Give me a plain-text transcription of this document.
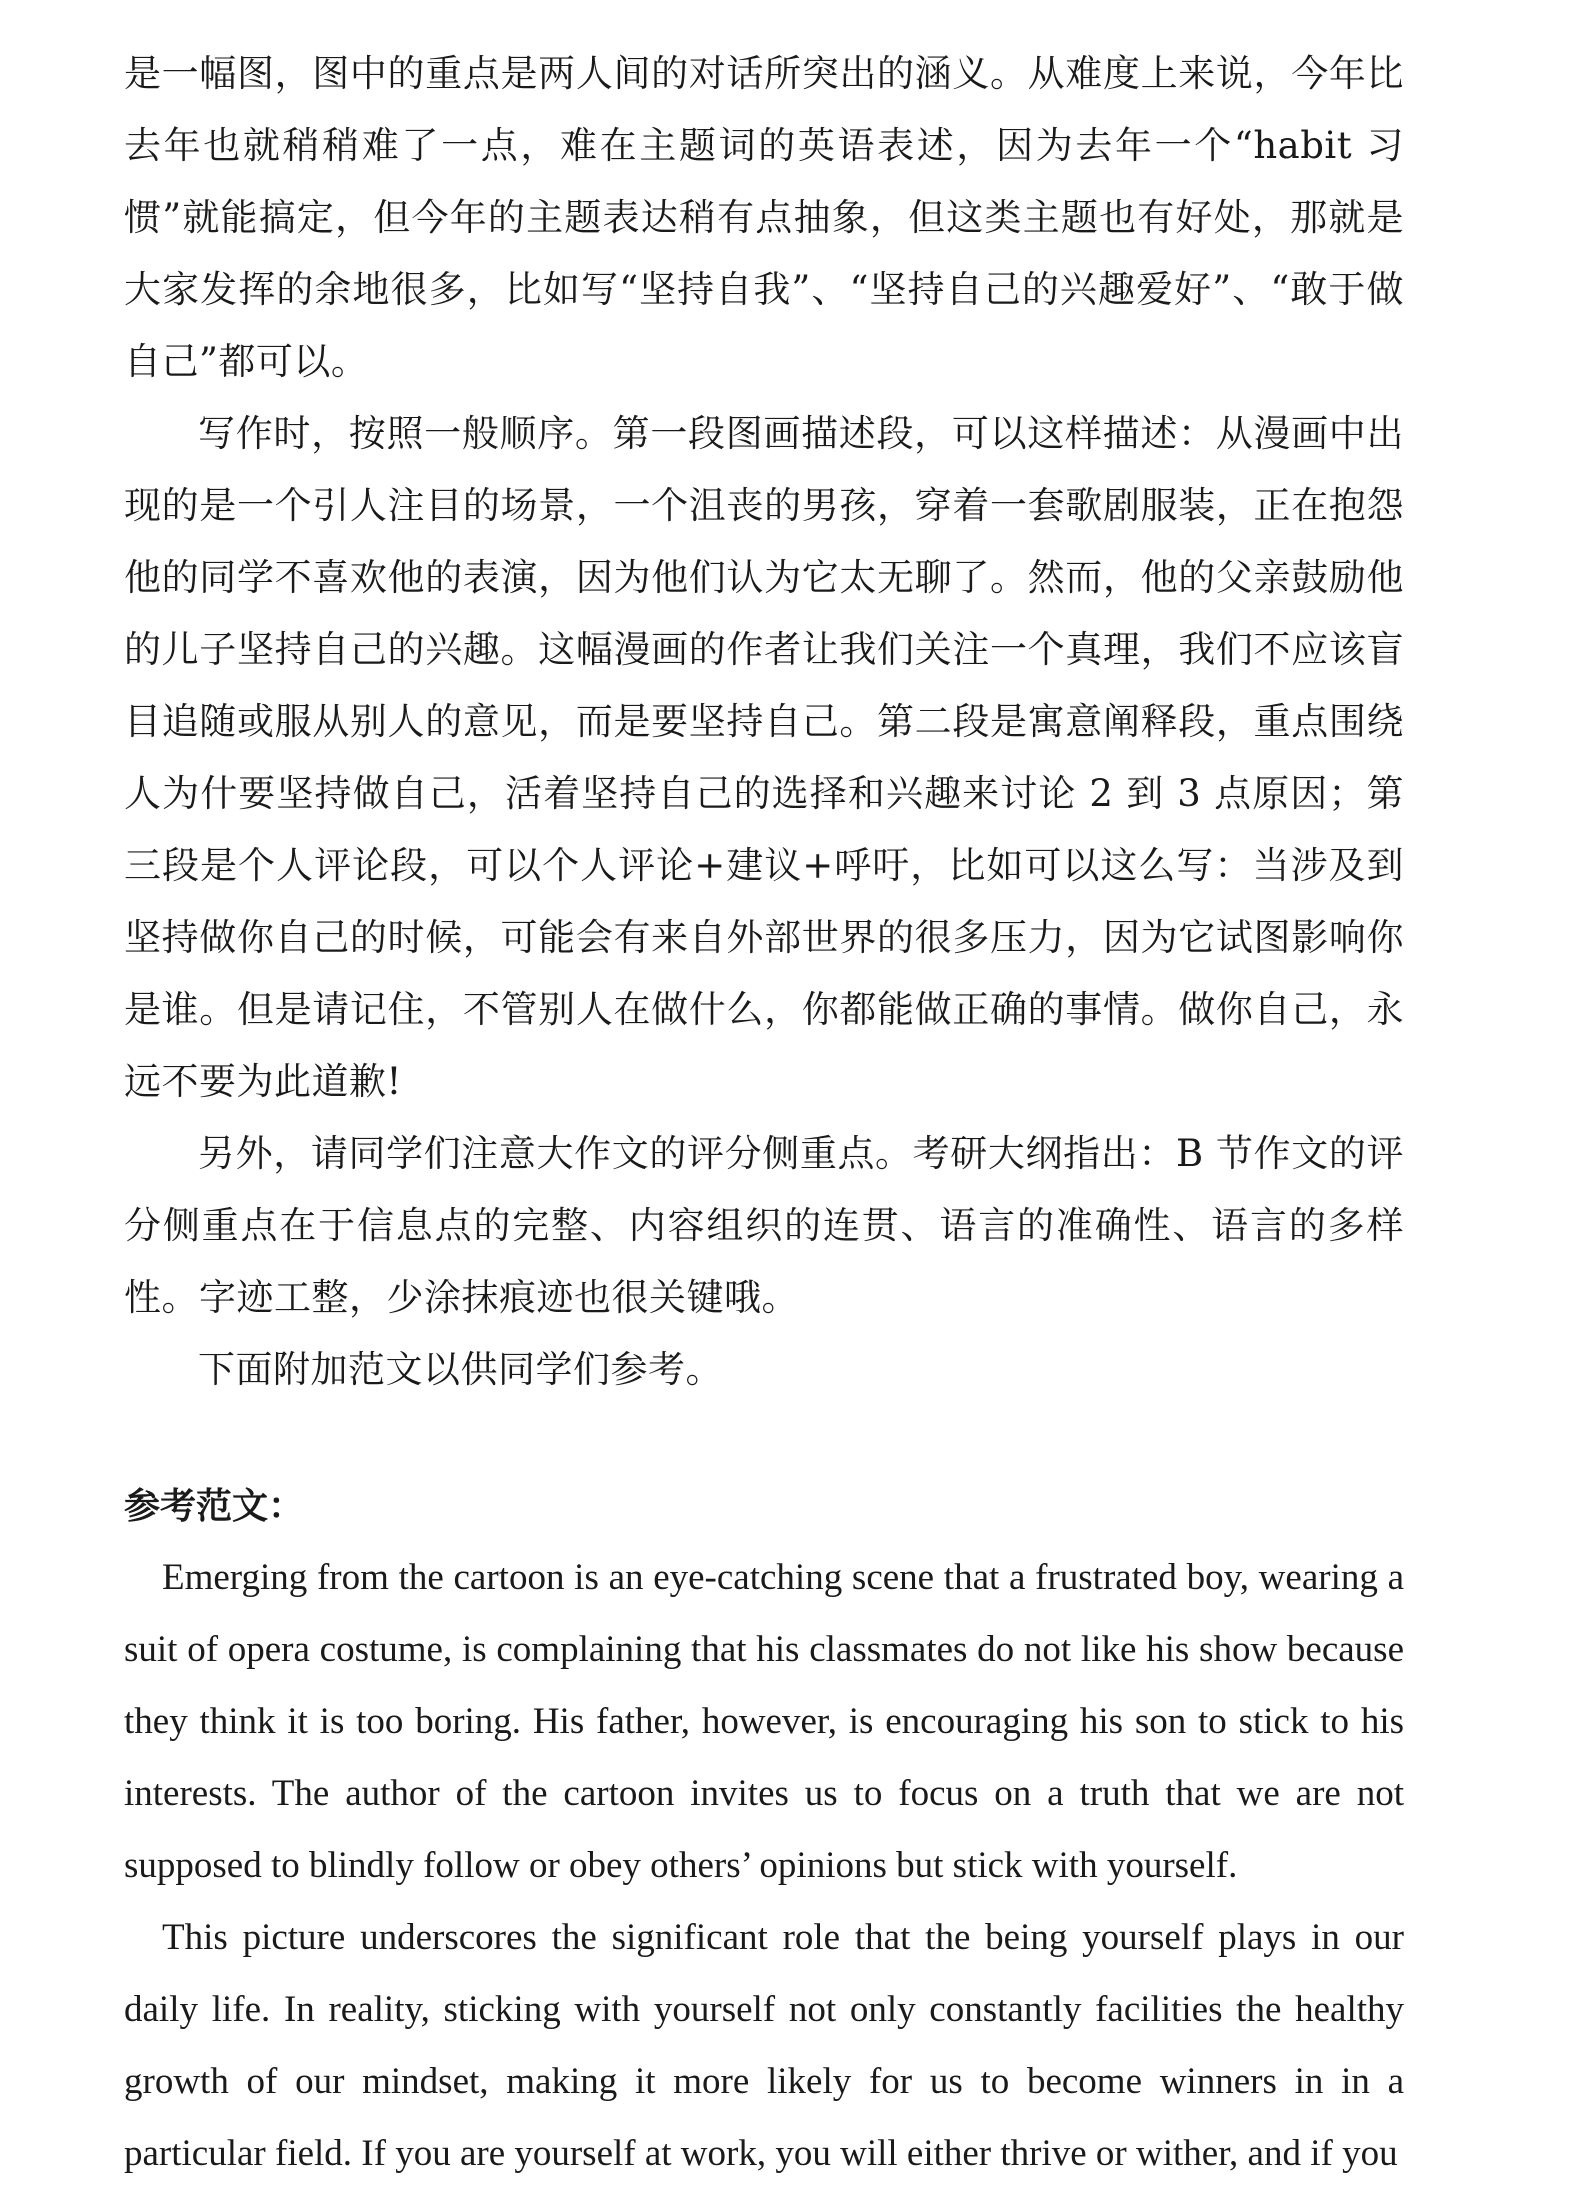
是一幅图，图中的重点是两人间的对话所突出的涵义。从难度上来说，今年比去年也就稍稍难了一点，难在主题词的英语表述，因为去年一个“habit 习惯”就能搞定，但今年的主题表达稍有点抽象，但这类主题也有好处，那就是大家发挥的余地很多，比如写“坚持自我”、“坚持自己的兴趣爱好”、“敢于做自己”都可以。

写作时，按照一般顺序。第一段图画描述段，可以这样描述：从漫画中出现的是一个引人注目的场景，一个沮丧的男孩，穿着一套歌剧服装，正在抱怨他的同学不喜欢他的表演，因为他们认为它太无聊了。然而，他的父亲鼓励他的儿子坚持自己的兴趣。这幅漫画的作者让我们关注一个真理，我们不应该盲目追随或服从别人的意见，而是要坚持自己。第二段是寓意阐释段，重点围绕人为什要坚持做自己，活着坚持自己的选择和兴趣来讨论 2 到 3 点原因；第三段是个人评论段，可以个人评论+建议+呼吁，比如可以这么写：当涉及到坚持做你自己的时候，可能会有来自外部世界的很多压力，因为它试图影响你是谁。但是请记住，不管别人在做什么，你都能做正确的事情。做你自己，永远不要为此道歉!

另外，请同学们注意大作文的评分侧重点。考研大纲指出：B 节作文的评分侧重点在于信息点的完整、内容组织的连贯、语言的准确性、语言的多样性。字迹工整，少涂抹痕迹也很关键哦。

下面附加范文以供同学们参考。

参考范文：

Emerging from the cartoon is an eye-catching scene that a frustrated boy, wearing a suit of opera costume, is complaining that his classmates do not like his show because they think it is too boring. His father, however, is encouraging his son to stick to his interests. The author of the cartoon invites us to focus on a truth that we are not supposed to blindly follow or obey others’ opinions but stick with yourself.

This picture underscores the significant role that the being yourself plays in our daily life. In reality, sticking with yourself not only constantly facilities the healthy growth of our mindset, making it more likely for us to become winners in in a particular field. If you are yourself at work, you will either thrive or wither, and if you
